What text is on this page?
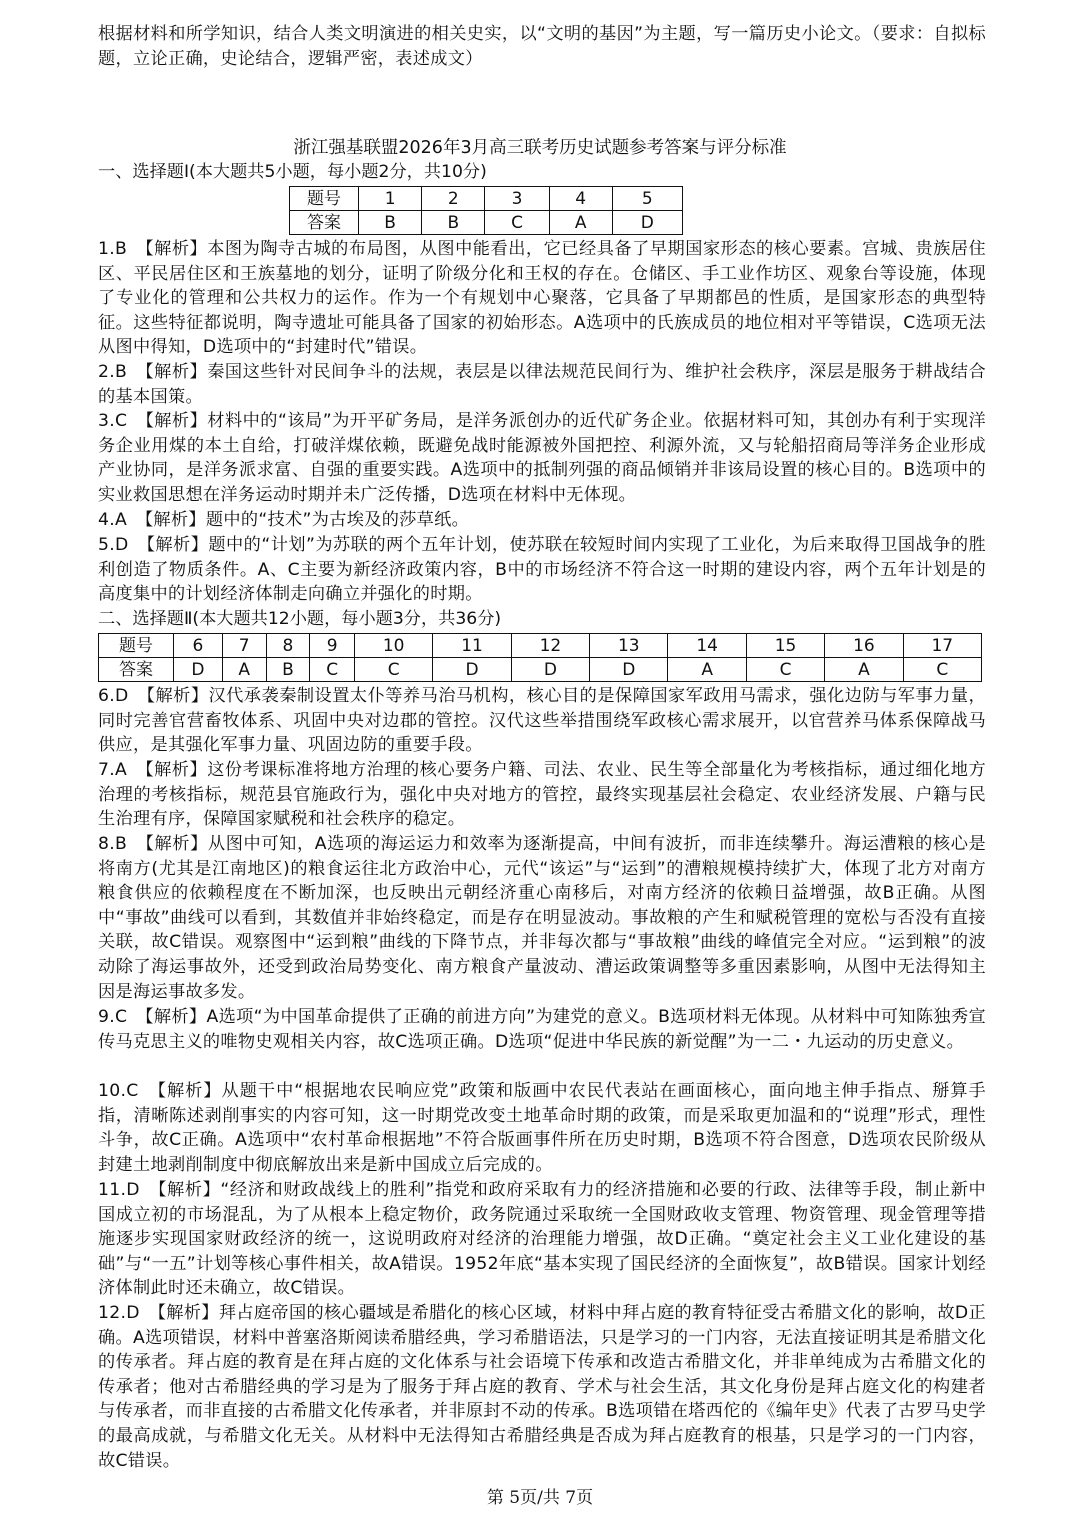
根据材料和所学知识，结合人类文明演进的相关史实，以“文明的基因”为主题，写一篇历史小论文。（要求：自拟标题，立论正确，史论结合，逻辑严密，表述成文）

浙江强基联盟2026年3月高三联考历史试题参考答案与评分标准
一、选择题Ⅰ(本大题共5小题，每小题2分，共10分)
题号	1	2	3	4	5
答案	B	B	C	A	D

1.B　【解析】本图为陶寺古城的布局图，从图中能看出，它已经具备了早期国家形态的核心要素。宫城、贵族居住区、平民居住区和王族墓地的划分，证明了阶级分化和王权的存在。仓储区、手工业作坊区、观象台等设施，体现了专业化的管理和公共权力的运作。作为一个有规划中心聚落，它具备了早期都邑的性质，是国家形态的典型特征。这些特征都说明，陶寺遗址可能具备了国家的初始形态。A选项中的氏族成员的地位相对平等错误，C选项无法从图中得知，D选项中的“封建时代”错误。

2.B　【解析】秦国这些针对民间争斗的法规，表层是以律法规范民间行为、维护社会秩序，深层是服务于耕战结合的基本国策。

3.C　【解析】材料中的“该局”为开平矿务局，是洋务派创办的近代矿务企业。依据材料可知，其创办有利于实现洋务企业用煤的本土自给，打破洋煤依赖，既避免战时能源被外国把控、利源外流，又与轮船招商局等洋务企业形成产业协同，是洋务派求富、自强的重要实践。A选项中的抵制列强的商品倾销并非该局设置的核心目的。B选项中的实业救国思想在洋务运动时期并未广泛传播，D选项在材料中无体现。

4.A　【解析】题中的“技术”为古埃及的莎草纸。

5.D　【解析】题中的“计划”为苏联的两个五年计划，使苏联在较短时间内实现了工业化，为后来取得卫国战争的胜利创造了物质条件。A、C主要为新经济政策内容，B中的市场经济不符合这一时期的建设内容，两个五年计划是的高度集中的计划经济体制走向确立并强化的时期。

二、选择题Ⅱ(本大题共12小题，每小题3分，共36分)
题号	6	7	8	9	10	11	12	13	14	15	16	17
答案	D	A	B	C	C	D	D	D	A	C	A	C

6.D　【解析】汉代承袭秦制设置太仆等养马治马机构，核心目的是保障国家军政用马需求，强化边防与军事力量，同时完善官营畜牧体系、巩固中央对边郡的管控。汉代这些举措围绕军政核心需求展开，以官营养马体系保障战马供应，是其强化军事力量、巩固边防的重要手段。

7.A　【解析】这份考课标准将地方治理的核心要务户籍、司法、农业、民生等全部量化为考核指标，通过细化地方治理的考核指标，规范县官施政行为，强化中央对地方的管控，最终实现基层社会稳定、农业经济发展、户籍与民生治理有序，保障国家赋税和社会秩序的稳定。

8.B　【解析】从图中可知，A选项的海运运力和效率为逐渐提高，中间有波折，而非连续攀升。海运漕粮的核心是将南方(尤其是江南地区)的粮食运往北方政治中心，元代“该运”与“运到”的漕粮规模持续扩大，体现了北方对南方粮食供应的依赖程度在不断加深，也反映出元朝经济重心南移后，对南方经济的依赖日益增强，故B正确。从图中“事故”曲线可以看到，其数值并非始终稳定，而是存在明显波动。事故粮的产生和赋税管理的宽松与否没有直接关联，故C错误。观察图中“运到粮”曲线的下降节点，并非每次都与“事故粮”曲线的峰值完全对应。“运到粮”的波动除了海运事故外，还受到政治局势变化、南方粮食产量波动、漕运政策调整等多重因素影响，从图中无法得知主因是海运事故多发。

9.C　【解析】A选项“为中国革命提供了正确的前进方向”为建党的意义。B选项材料无体现。从材料中可知陈独秀宣传马克思主义的唯物史观相关内容，故C选项正确。D选项“促进中华民族的新觉醒”为一二・九运动的历史意义。

10.C　【解析】从题干中“根据地农民响应党”政策和版画中农民代表站在画面核心，面向地主伸手指点、掰算手指，清晰陈述剥削事实的内容可知，这一时期党改变土地革命时期的政策，而是采取更加温和的“说理”形式，理性斗争，故C正确。A选项中“农村革命根据地”不符合版画事件所在历史时期，B选项不符合图意，D选项农民阶级从封建土地剥削制度中彻底解放出来是新中国成立后完成的。

11.D　【解析】“经济和财政战线上的胜利”指党和政府采取有力的经济措施和必要的行政、法律等手段，制止新中国成立初的市场混乱，为了从根本上稳定物价，政务院通过采取统一全国财政收支管理、物资管理、现金管理等措施逐步实现国家财政经济的统一，这说明政府对经济的治理能力增强，故D正确。“奠定社会主义工业化建设的基础”与“一五”计划等核心事件相关，故A错误。1952年底“基本实现了国民经济的全面恢复”，故B错误。国家计划经济体制此时还未确立，故C错误。

12.D　【解析】拜占庭帝国的核心疆域是希腊化的核心区域，材料中拜占庭的教育特征受古希腊文化的影响，故D正确。A选项错误，材料中普塞洛斯阅读希腊经典，学习希腊语法，只是学习的一门内容，无法直接证明其是希腊文化的传承者。拜占庭的教育是在拜占庭的文化体系与社会语境下传承和改造古希腊文化，并非单纯成为古希腊文化的传承者；他对古希腊经典的学习是为了服务于拜占庭的教育、学术与社会生活，其文化身份是拜占庭文化的构建者与传承者，而非直接的古希腊文化传承者，并非原封不动的传承。B选项错在塔西佗的《编年史》代表了古罗马史学的最高成就，与希腊文化无关。从材料中无法得知古希腊经典是否成为拜占庭教育的根基，只是学习的一门内容，故C错误。

第 5页/共 7页
